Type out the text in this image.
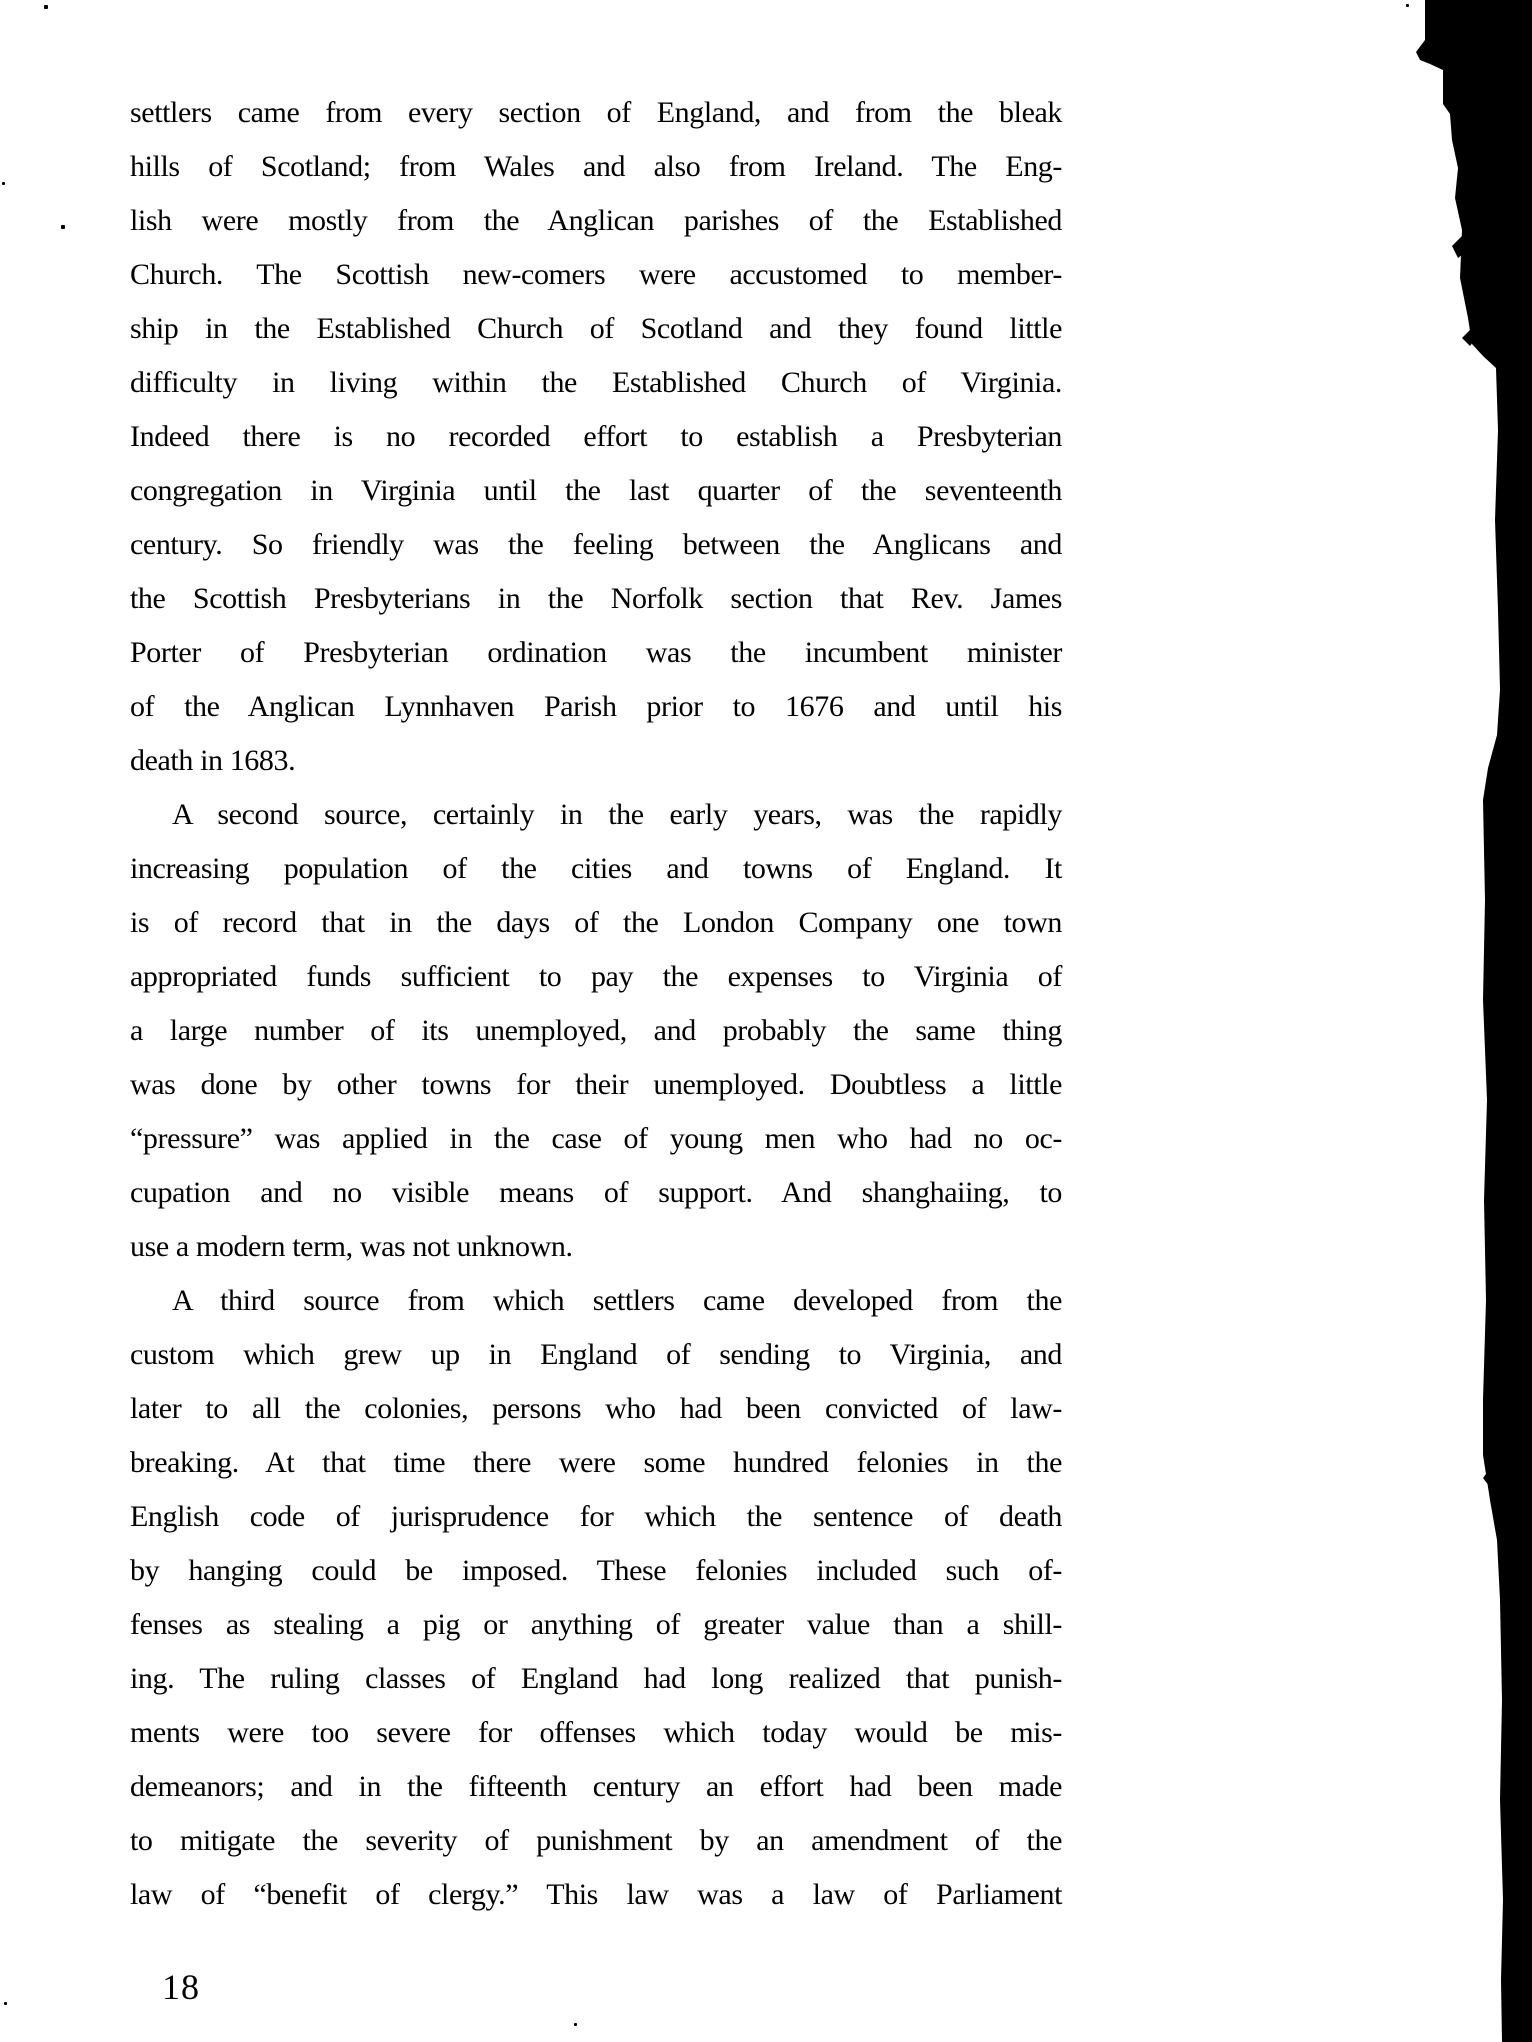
settlers came from every section of England, and from the bleak
hills of Scotland; from Wales and also from Ireland. The Eng-
lish were mostly from the Anglican parishes of the Established
Church. The Scottish new-comers were accustomed to member-
ship in the Established Church of Scotland and they found little
difficulty in living within the Established Church of Virginia.
Indeed there is no recorded effort to establish a Presbyterian
congregation in Virginia until the last quarter of the seventeenth
century. So friendly was the feeling between the Anglicans and
the Scottish Presbyterians in the Norfolk section that Rev. James
Porter of Presbyterian ordination was the incumbent minister
of the Anglican Lynnhaven Parish prior to 1676 and until his
death in 1683.
A second source, certainly in the early years, was the rapidly
increasing population of the cities and towns of England. It
is of record that in the days of the London Company one town
appropriated funds sufficient to pay the expenses to Virginia of
a large number of its unemployed, and probably the same thing
was done by other towns for their unemployed. Doubtless a little
“pressure” was applied in the case of young men who had no oc-
cupation and no visible means of support. And shanghaiing, to
use a modern term, was not unknown.
A third source from which settlers came developed from the
custom which grew up in England of sending to Virginia, and
later to all the colonies, persons who had been convicted of law-
breaking. At that time there were some hundred felonies in the
English code of jurisprudence for which the sentence of death
by hanging could be imposed. These felonies included such of-
fenses as stealing a pig or anything of greater value than a shill-
ing. The ruling classes of England had long realized that punish-
ments were too severe for offenses which today would be mis-
demeanors; and in the fifteenth century an effort had been made
to mitigate the severity of punishment by an amendment of the
law of “benefit of clergy.” This law was a law of Parliament
18
